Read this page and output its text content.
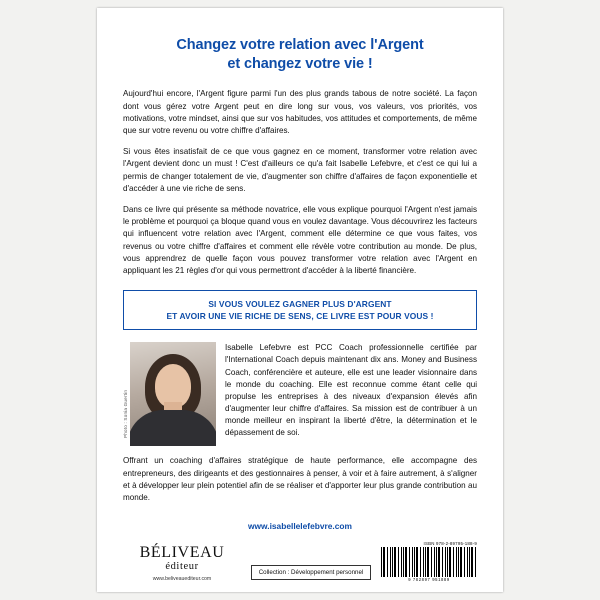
Changez votre relation avec l'Argent
et changez votre vie !
Aujourd'hui encore, l'Argent figure parmi l'un des plus grands tabous de notre société. La façon dont vous gérez votre Argent peut en dire long sur vous, vos valeurs, vos priorités, vos motivations, votre mindset, ainsi que sur vos habitudes, vos attitudes et comportements, de même que sur votre revenu ou votre chiffre d'affaires.
Si vous êtes insatisfait de ce que vous gagnez en ce moment, transformer votre relation avec l'Argent devient donc un must ! C'est d'ailleurs ce qu'a fait Isabelle Lefebvre, et c'est ce qui lui a permis de changer totalement de vie, d'augmenter son chiffre d'affaires de façon exponentielle et d'accéder à une vie riche de sens.
Dans ce livre qui présente sa méthode novatrice, elle vous explique pourquoi l'Argent n'est jamais le problème et pourquoi ça bloque quand vous en voulez davantage. Vous découvrirez les facteurs qui influencent votre relation avec l'Argent, comment elle détermine ce que vous faites, vos revenus ou votre chiffre d'affaires et comment elle révèle votre contribution au monde. De plus, vous apprendrez de quelle façon vous pouvez transformer votre relation avec l'Argent en appliquant les 21 règles d'or qui vous permettront d'accéder à la liberté financière.
SI VOUS VOULEZ GAGNER PLUS D'ARGENT
ET AVOIR UNE VIE RICHE DE SENS, CE LIVRE EST POUR VOUS !
Photo : Sonia Guertin
Isabelle Lefebvre est PCC Coach professionnelle certifiée par l'International Coach depuis maintenant dix ans. Money and Business Coach, conférencière et auteure, elle est une leader visionnaire dans le monde du coaching. Elle est reconnue comme étant celle qui propulse les entreprises à des niveaux d'expansion élevés afin d'augmenter leur chiffre d'affaires. Sa mission est de contribuer à un monde meilleur en inspirant la liberté d'être, la détermination et le dépassement de soi.
Offrant un coaching d'affaires stratégique de haute performance, elle accompagne des entrepreneurs, des dirigeants et des gestionnaires à penser, à voir et à faire autrement, à s'aligner et à développer leur plein potentiel afin de se réaliser et d'apporter leur plus grande contribution au monde.
www.isabellelefebvre.com
BÉLIVEAU
éditeur
www.beliveauediteur.com
Collection : Développement personnel
ISBN 978-2-89795-188-9
9 782897 951889
